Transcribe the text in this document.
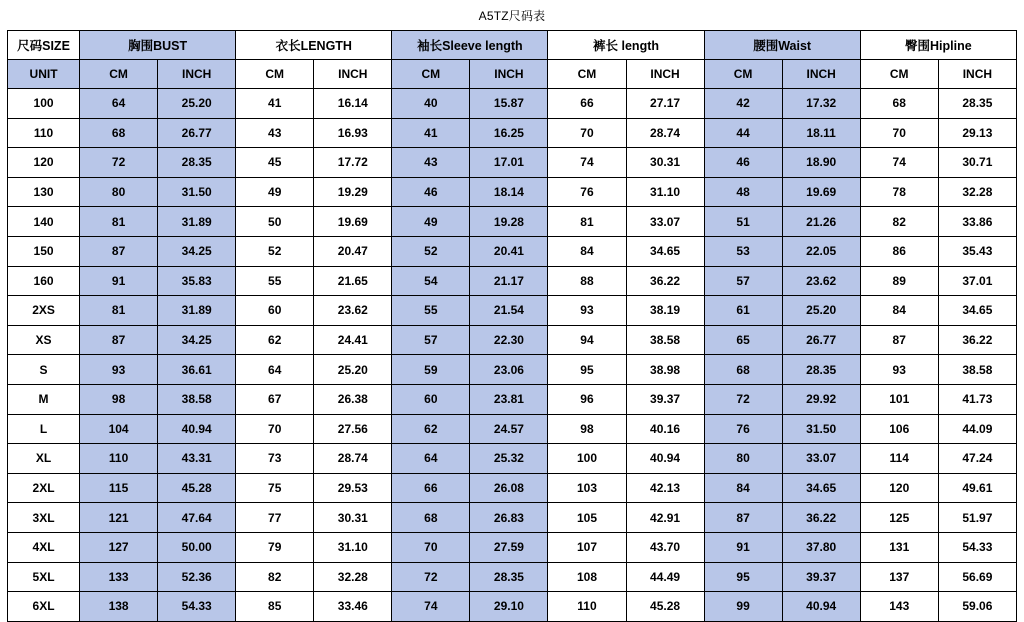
A5TZ尺码表
尺码SIZE	胸围BUST		衣长LENGTH		袖长Sleeve length		裤长 length		腰围Waist		臀围Hipline	
UNIT	CM	INCH	CM	INCH	CM	INCH	CM	INCH	CM	INCH	CM	INCH
100	64	25.20	41	16.14	40	15.87	66	27.17	42	17.32	68	28.35
110	68	26.77	43	16.93	41	16.25	70	28.74	44	18.11	70	29.13
120	72	28.35	45	17.72	43	17.01	74	30.31	46	18.90	74	30.71
130	80	31.50	49	19.29	46	18.14	76	31.10	48	19.69	78	32.28
140	81	31.89	50	19.69	49	19.28	81	33.07	51	21.26	82	33.86
150	87	34.25	52	20.47	52	20.41	84	34.65	53	22.05	86	35.43
160	91	35.83	55	21.65	54	21.17	88	36.22	57	23.62	89	37.01
2XS	81	31.89	60	23.62	55	21.54	93	38.19	61	25.20	84	34.65
XS	87	34.25	62	24.41	57	22.30	94	38.58	65	26.77	87	36.22
S	93	36.61	64	25.20	59	23.06	95	38.98	68	28.35	93	38.58
M	98	38.58	67	26.38	60	23.81	96	39.37	72	29.92	101	41.73
L	104	40.94	70	27.56	62	24.57	98	40.16	76	31.50	106	44.09
XL	110	43.31	73	28.74	64	25.32	100	40.94	80	33.07	114	47.24
2XL	115	45.28	75	29.53	66	26.08	103	42.13	84	34.65	120	49.61
3XL	121	47.64	77	30.31	68	26.83	105	42.91	87	36.22	125	51.97
4XL	127	50.00	79	31.10	70	27.59	107	43.70	91	37.80	131	54.33
5XL	133	52.36	82	32.28	72	28.35	108	44.49	95	39.37	137	56.69
6XL	138	54.33	85	33.46	74	29.10	110	45.28	99	40.94	143	59.06
